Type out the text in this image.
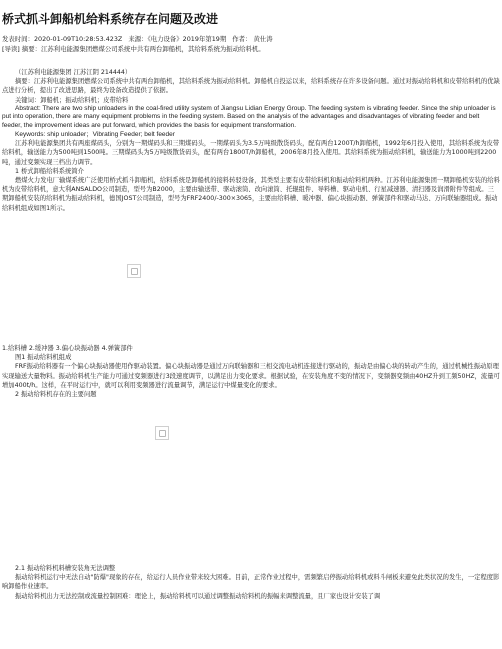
桥式抓斗卸船机给料系统存在问题及改进
发表时间：2020-01-09T10:28:53.423Z 来源：《电力设备》2019年第19期 作者： 黄仕涛
[导读] 摘要：江苏利电能源集团燃煤公司系统中共有两台卸船机，其给料系统为振动给料机。

（江苏利电能源集团 江苏江阴 214444）

摘要：江苏利电能源集团燃煤公司系统中共有两台卸船机，其给料系统为振动给料机。卸船机自投运以来，给料系统存在许多设备问题。通过对振动给料机和皮带给料机的优缺点进行分析，提出了改进思路，最终为设备改造提供了依据。

关键词：卸船机；振动给料机；皮带给料

Abstract: There are two ship unloaders in the coal-fired utility system of Jiangsu Lidian Energy Group. The feeding system is vibrating feeder. Since the ship unloader is put into operation, there are many equipment problems in the feeding system. Based on the analysis of the advantages and disadvantages of vibrating feeder and belt feeder, the improvement ideas are put forward, which provides the basis for equipment transformation.

Keywords: ship unloader；Vibrating Feeder; belt feeder

江苏利电能源集团共有两座煤码头，分别为一期煤码头和三期煤码头，一期煤码头为3.5万吨级散货码头，配有两台1200T/h卸船机，1992年6月投入使用，其给料系统为皮带给料机，输送能力为500吨到1500吨。三期煤码头为5万吨级散货码头，配有两台1800T/h卸船机，2006年8月投入使用。其给料系统为振动给料机，输送能力为1000吨到2200吨，通过变频实现三档出力调节。

1 桥式卸船给料系统简介

燃煤火力发电厂输煤系统广泛使用桥式抓斗卸船机，给料系统是卸船机的接料转驳设备，其类型主要有皮带给料机和振动给料机两种。江苏利电能源集团一期卸船机安装的给料机为皮带给料机，意大利ANSALDO公司制造，型号为B2000，主要由输送带、驱动滚筒、改向滚筒、托辊组件、导料槽、驱动电机、行星减速器、清扫器及润滑附件等组成。三期卸船机安装的给料机为振动给料机，德国JOST公司制造，型号为FRF2400/-300×3065，主要由给料槽、暖冲器、偏心块振动器、弹簧部件和驱动马达、万向联轴器组成。振动给料机组成如图1所示。

1.给料槽 2.缓冲器 3.偏心块振动器 4.弹簧部件

图1 振动给料机组成

FRF振动给料器有一个偏心块振动器使用作驱动装置。偏心块振动器是通过万向联轴器和三相交流电动机连接进行驱动的，振动是由偏心块的转动产生的，通过机械性振动原理实现输送大量物料。振动给料机生产能力可通过变频器进行3段速度调节，以满足出力变化要求。根据试验，在安装角度不变的情况下，变频器变频由40HZ升到工频50HZ，流量可增加400t/h。这样，在平时运行中，就可以利用变频器进行流量调节，满足运行中煤量变化的要求。

2 振动给料机存在的主要问题

2.1 振动给料机料槽安装角无法调整

振动给料机运行中无法自动"防爆"现象的存在，给运行人员作业带来较大困难。目前，正常作业过程中，需频繁启停振动给料机或料斗闸板来避免此类状况的发生，一定程度影响卸船作业速率。

振动给料机出力无法控制或流量控制困难：理论上，振动给料机可以通过调整振动给料机的振幅来调整流量，且厂家也设计安装了调
